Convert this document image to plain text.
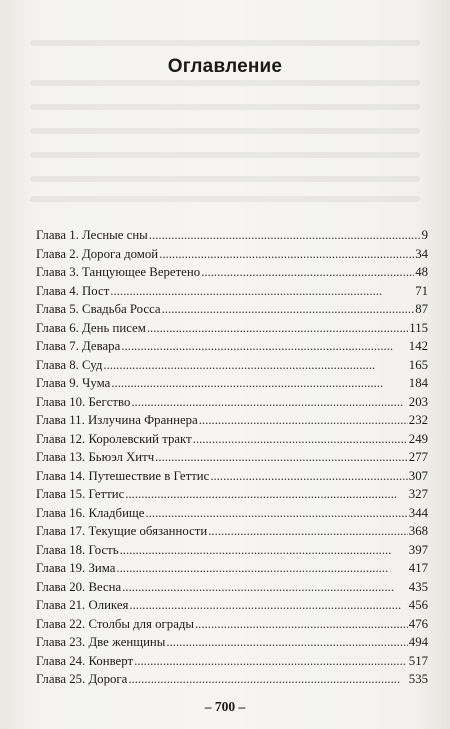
Оглавление
Глава 1. Лесные сны . . .	9
Глава 2. Дорога домой . . .	34
Глава 3. Танцующее Веретено . . .	48
Глава 4. Пост . . .	71
Глава 5. Свадьба Росса . . .	87
Глава 6. День писем . . .	115
Глава 7. Девара . . .	142
Глава 8. Суд . . .	165
Глава 9. Чума . . .	184
Глава 10. Бегство . . .	203
Глава 11. Излучина Франнера . . .	232
Глава 12. Королевский тракт . . .	249
Глава 13. Бьюэл Хитч . . .	277
Глава 14. Путешествие в Геттис . . .	307
Глава 15. Геттис . . .	327
Глава 16. Кладбище . . .	344
Глава 17. Текущие обязанности . . .	368
Глава 18. Гость . . .	397
Глава 19. Зима . . .	417
Глава 20. Весна . . .	435
Глава 21. Оликея . . .	456
Глава 22. Столбы для ограды . . .	476
Глава 23. Две женщины . . .	494
Глава 24. Конверт . . .	517
Глава 25. Дорога . . .	535
– 700 –
